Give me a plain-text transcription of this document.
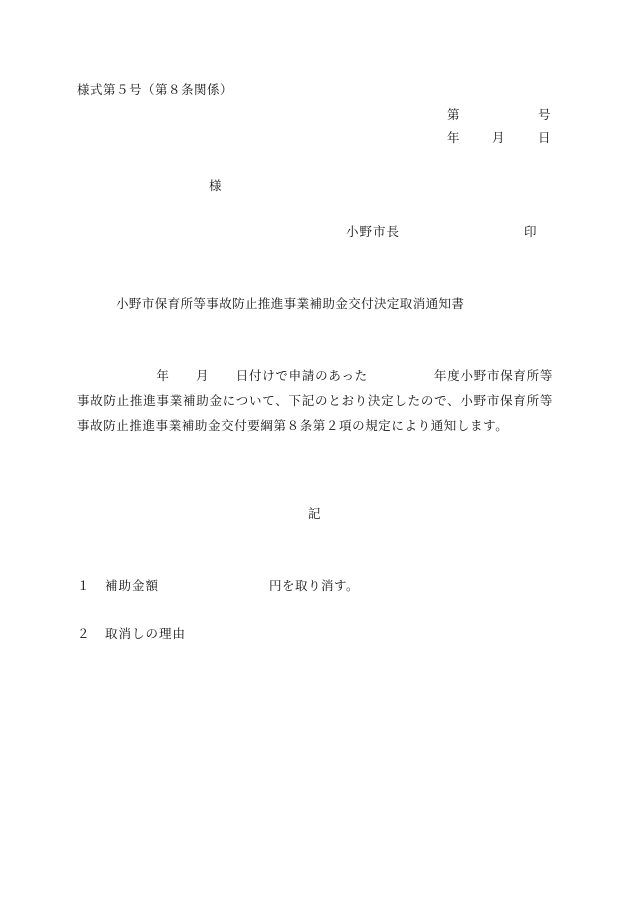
様式第５号（第８条関係）
第	号
年	月	日
様
小野市長	印
小野市保育所等事故防止推進事業補助金交付決定取消通知書
　　　　　　年　　月　　日付けで申請のあった　　　　　年度小野市保育所等事故防止推進事業補助金について、下記のとおり決定したので、小野市保育所等事故防止推進事業補助金交付要綱第８条第２項の規定により通知します。
記
１ 補助金額	円を取り消す。
２ 取消しの理由
